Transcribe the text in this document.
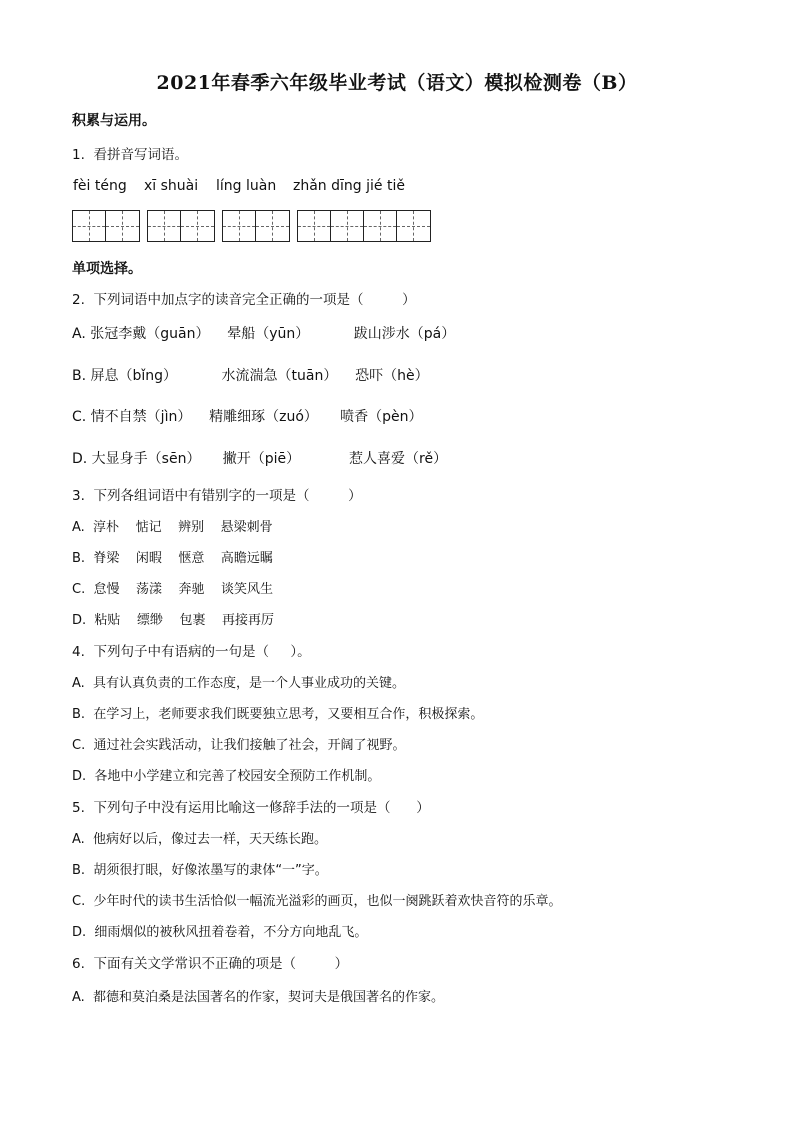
2021年春季六年级毕业考试（语文）模拟检测卷（B）
积累与运用。
1.  看拼音写词语。
fèi téng xī shuài líng luàn zhǎn dīng jié tiě
单项选择。
2.  下列词语中加点字的读音完全正确的一项是（         ）
A. 张冠李戴（guān）    晕船（yūn）          跋山涉水（pá）
B. 屏息（bǐng）          水流湍急（tuān）    恐吓（hè）
C. 情不自禁（jìn）    精雕细琢（zuó）     喷香（pèn）
D. 大显身手（sēn）     撇开（piē）           惹人喜爱（rě）
3.  下列各组词语中有错别字的一项是（         ）
A.  淳朴    惦记    辨别    悬梁刺骨
B.  脊梁    闲暇    惬意    高瞻远瞩
C.  怠慢    荡漾    奔驰    谈笑风生
D.  粘贴    缥缈    包裹    再接再厉
4.  下列句子中有语病的一句是（     ）。
A.  具有认真负责的工作态度，是一个人事业成功的关键。
B.  在学习上，老师要求我们既要独立思考，又要相互合作，积极探索。
C.  通过社会实践活动，让我们接触了社会，开阔了视野。
D.  各地中小学建立和完善了校园安全预防工作机制。
5.  下列句子中没有运用比喻这一修辞手法的一项是（      ）
A.  他病好以后，像过去一样，天天练长跑。
B.  胡须很打眼，好像浓墨写的隶体“一”字。
C.  少年时代的读书生活恰似一幅流光溢彩的画页，也似一阕跳跃着欢快音符的乐章。
D.  细雨烟似的被秋风扭着卷着，不分方向地乱飞。
6.  下面有关文学常识不正确的项是（         ）
A.  都德和莫泊桑是法国著名的作家，契诃夫是俄国著名的作家。
